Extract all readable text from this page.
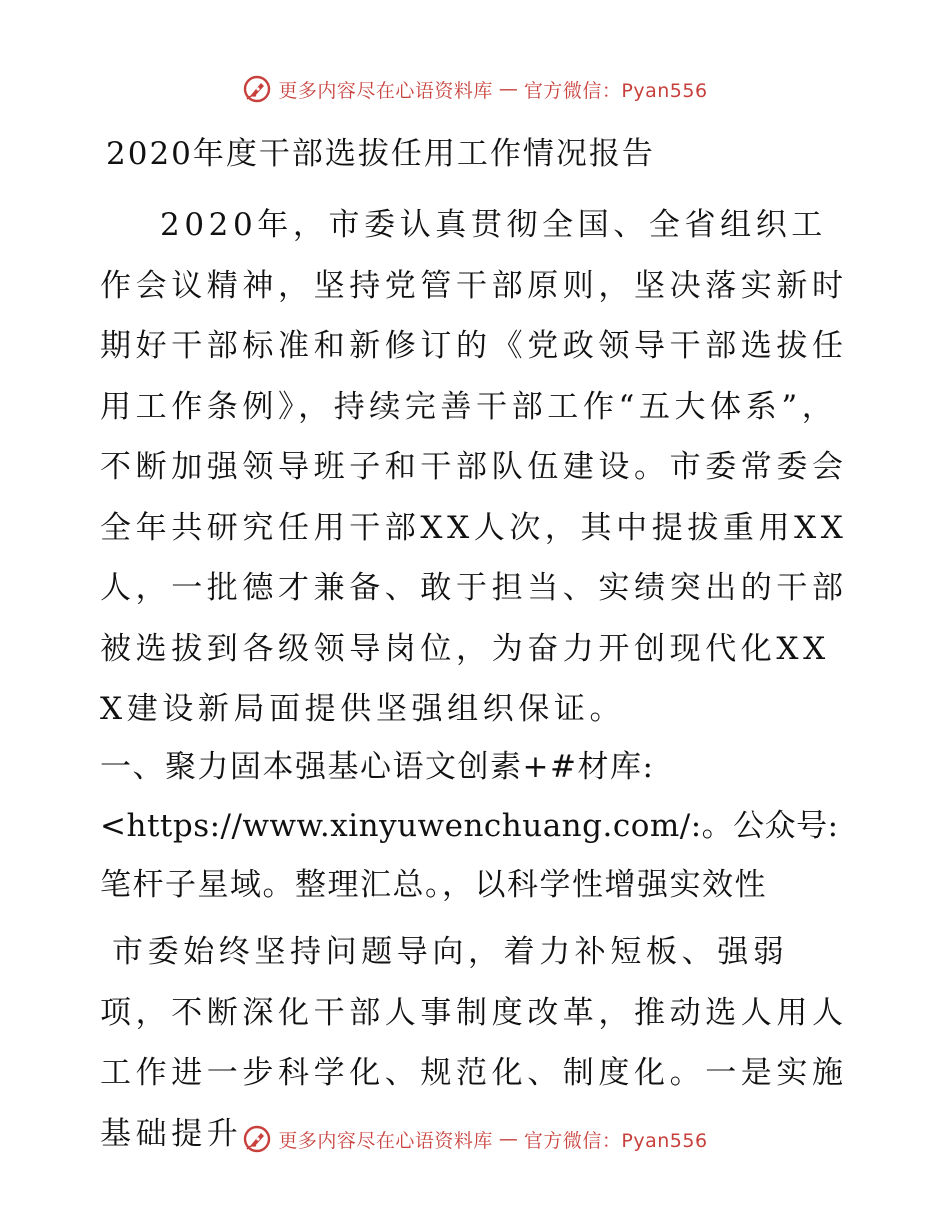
更多内容尽在心语资料库 — 官方微信：Pyan556
2020年度干部选拔任用工作情况报告

2020年，市委认真贯彻全国、全省组织工作会议精神，坚持党管干部原则，坚决落实新时期好干部标准和新修订的《党政领导干部选拔任用工作条例》，持续完善干部工作“五大体系”，不断加强领导班子和干部队伍建设。市委常委会全年共研究任用干部XX人次，其中提拔重用XX人，一批德才兼备、敢于担当、实绩突出的干部被选拔到各级领导岗位，为奋力开创现代化XXX建设新局面提供坚强组织保证。

一、聚力固本强基心语文创素+#材库:
<https://www.xinyuwenchuang.com/:。公众号:
笔杆子星域。整理汇总。，以科学性增强实效性

市委始终坚持问题导向，着力补短板、强弱项，不断深化干部人事制度改革，推动选人用人工作进一步科学化、规范化、制度化。一是实施基础提升	更多内容尽在心语资料库 — 官方微信：Pyan556
